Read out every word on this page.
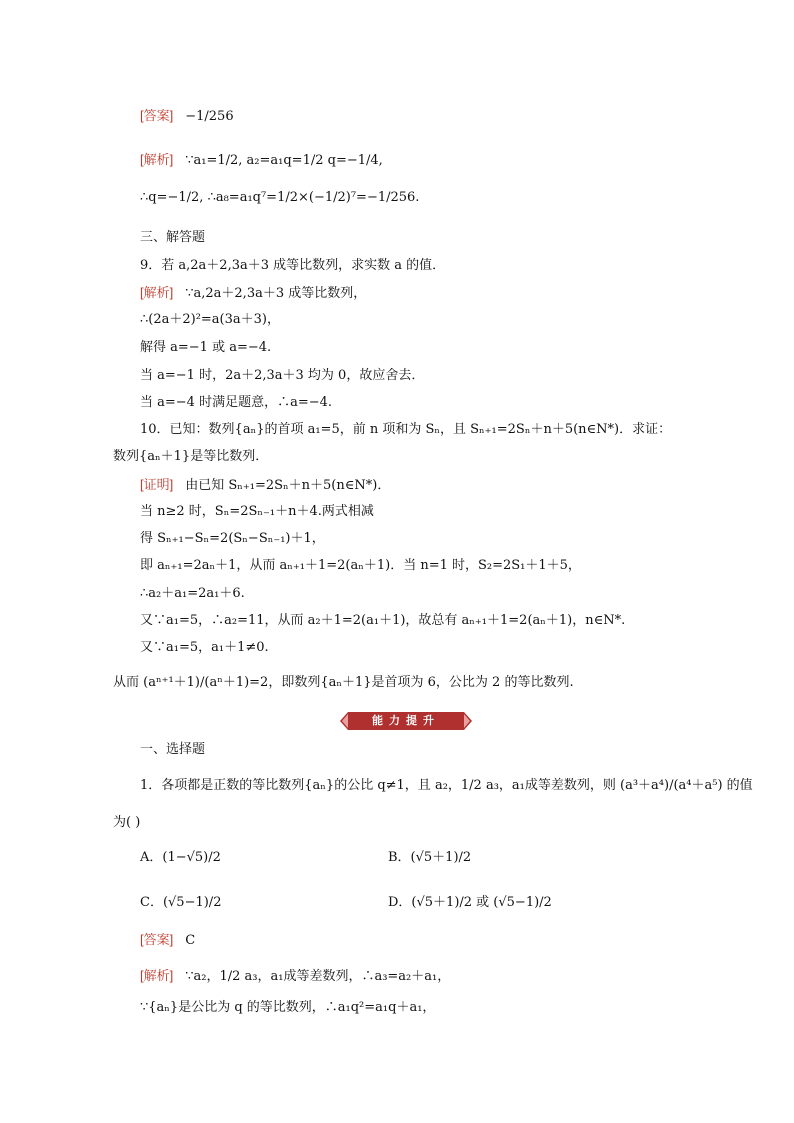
[答案] −1/256
[解析] ∵a₁=1/2, a₂=a₁q=1/2 q=−1/4,
∴q=−1/2, ∴a₈=a₁q⁷=1/2×(−1/2)⁷=−1/256.
三、解答题
9．若 a,2a＋2,3a＋3 成等比数列，求实数 a 的值．
[解析] ∵a,2a＋2,3a＋3 成等比数列，
∴(2a＋2)²=a(3a＋3)，
解得 a=−1 或 a=−4.
当 a=−1 时，2a＋2,3a＋3 均为 0，故应舍去．
当 a=−4 时满足题意，∴a=−4.
10．已知：数列{aₙ}的首项 a₁=5，前 n 项和为 Sₙ，且 Sₙ₊₁=2Sₙ＋n＋5(n∈N*)．求证：
数列{aₙ＋1}是等比数列．
[证明] 由已知 Sₙ₊₁=2Sₙ＋n＋5(n∈N*)．
当 n≥2 时，Sₙ=2Sₙ₋₁＋n＋4.两式相减
得 Sₙ₊₁−Sₙ=2(Sₙ−Sₙ₋₁)＋1，
即 aₙ₊₁=2aₙ＋1，从而 aₙ₊₁＋1=2(aₙ＋1)．当 n=1 时，S₂=2S₁＋1＋5，
∴a₂＋a₁=2a₁＋6.
又∵a₁=5，∴a₂=11，从而 a₂＋1=2(a₁＋1)，故总有 aₙ₊₁＋1=2(aₙ＋1)，n∈N*.
又∵a₁=5，a₁＋1≠0.
从而 (aⁿ⁺¹＋1)/(aⁿ＋1)=2，即数列{aₙ＋1}是首项为 6，公比为 2 的等比数列.
能力提升
一、选择题
1．各项都是正数的等比数列{aₙ}的公比 q≠1，且 a₂，1/2 a₃，a₁成等差数列，则 (a³＋a⁴)/(a⁴＋a⁵) 的值
为( )
A．(1−√5)/2	B．(√5＋1)/2
C．(√5−1)/2	D．(√5＋1)/2 或 (√5−1)/2
[答案] C
[解析] ∵a₂，1/2 a₃，a₁成等差数列，∴a₃=a₂＋a₁，
∵{aₙ}是公比为 q 的等比数列，∴a₁q²=a₁q＋a₁，
